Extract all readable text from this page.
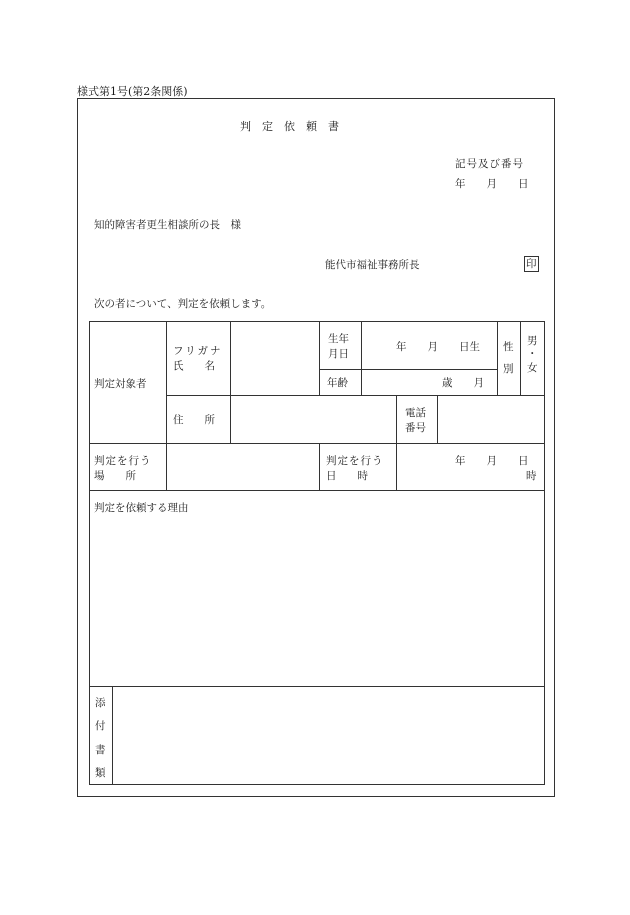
様式第1号(第2条関係)
判　定　依　頼　書
記号及び番号
年　　月　　日
知的障害者更生相談所の長　様
能代市福祉事務所長	印
次の者について、判定を依頼します。
判定対象者
フリガナ
氏　　名
生年
月日
年　　月　　日生 性
別
男
・
女
年齢	歳　　月
住　　所
電話
番号
判定を行う
場　　所
判定を行う
日　　時
年　　月　　日
時
判定を依頼する理由
添
付
書
類
